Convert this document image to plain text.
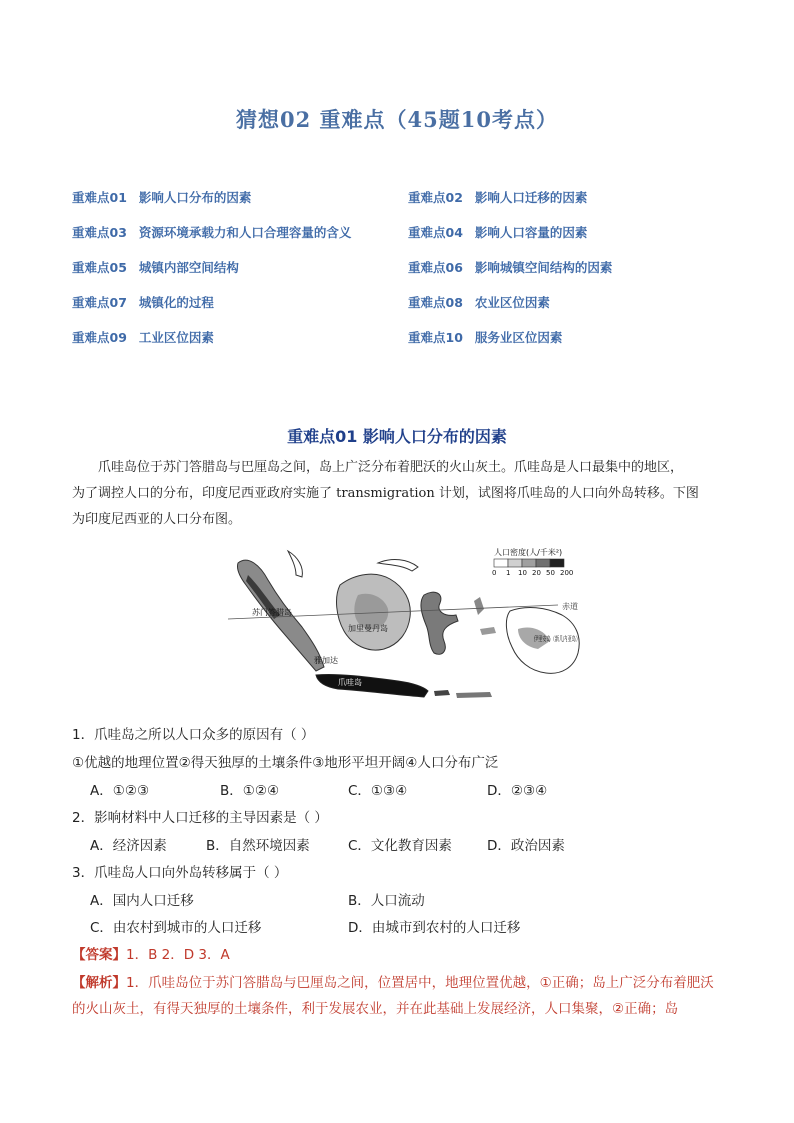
猜想02 重难点（45题10考点）
重难点01 影响人口分布的因素	重难点02 影响人口迁移的因素
重难点03 资源环境承载力和人口合理容量的含义	重难点04 影响人口容量的因素
重难点05 城镇内部空间结构	重难点06 影响城镇空间结构的因素
重难点07 城镇化的过程	重难点08 农业区位因素
重难点09 工业区位因素	重难点10 服务业区位因素
重难点01 影响人口分布的因素
爪哇岛位于苏门答腊岛与巴厘岛之间，岛上广泛分布着肥沃的火山灰土。爪哇岛是人口最集中的地区，
为了调控人口的分布，印度尼西亚政府实施了 transmigration 计划，试图将爪哇岛的人口向外岛转移。下图
为印度尼西亚的人口分布图。
赤道
加里曼丹岛
苏门答腊岛
雅加达
爪哇岛
伊里安岛（新几内亚岛）
人口密度(人/千米²)
0 1 10 20 50 200
1．爪哇岛之所以人口众多的原因有（ ）
①优越的地理位置②得天独厚的土壤条件③地形平坦开阔④人口分布广泛
A．①②③	B．①②④	C．①③④	D．②③④
2．影响材料中人口迁移的主导因素是（ ）
A．经济因素	B．自然环境因素	C．文化教育因素	D．政治因素
3．爪哇岛人口向外岛转移属于（ ）
A．国内人口迁移	B．人口流动
C．由农村到城市的人口迁移	D．由城市到农村的人口迁移
【答案】1．B 2．D 3．A
【解析】1．爪哇岛位于苏门答腊岛与巴厘岛之间，位置居中，地理位置优越，①正确；岛上广泛分布着肥沃的火山灰土，有得天独厚的土壤条件，利于发展农业，并在此基础上发展经济，人口集聚，②正确；岛
